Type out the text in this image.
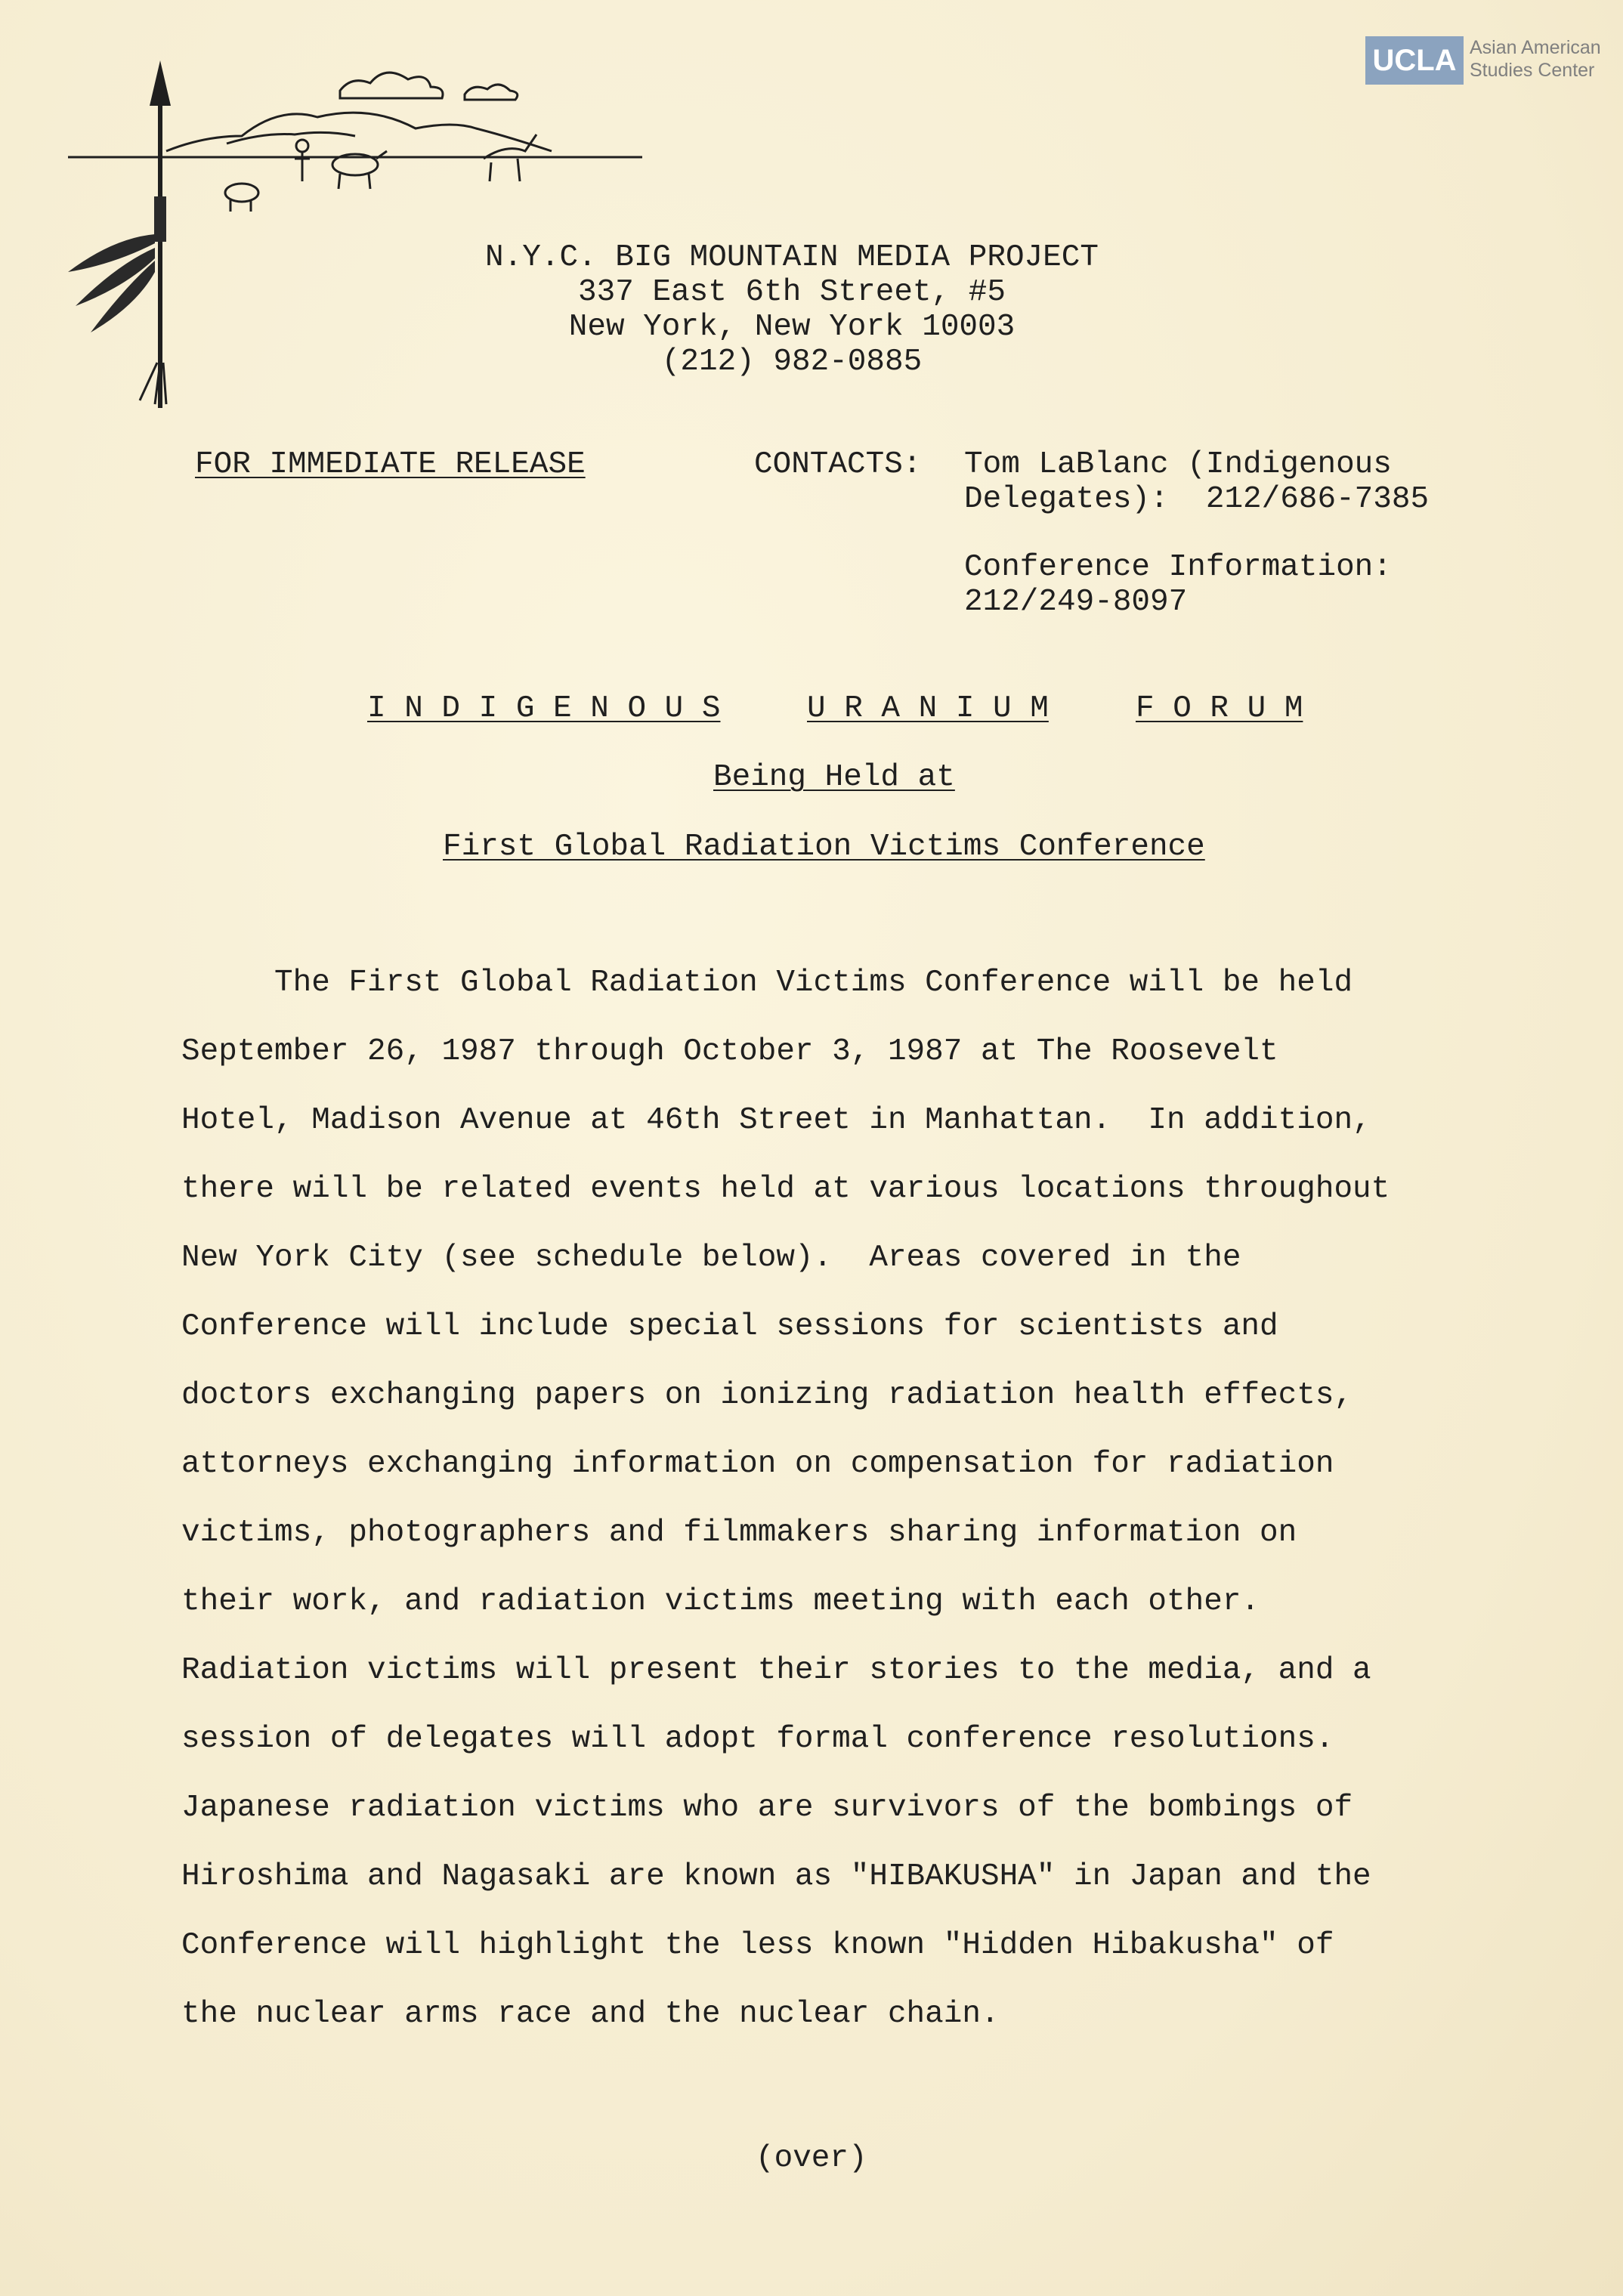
UCLA Asian American
Studies Center
N.Y.C. BIG MOUNTAIN MEDIA PROJECT
337 East 6th Street, #5
New York, New York 10003
(212) 982-0885
FOR IMMEDIATE RELEASE	CONTACTS: Tom LaBlanc (Indigenous
Delegates):  212/686-7385
Conference Information:
212/249-8097
I N D I G E N O U S	U R A N I U M	F O R U M
Being Held at
First Global Radiation Victims Conference
The First Global Radiation Victims Conference will be held
September 26, 1987 through October 3, 1987 at The Roosevelt
Hotel, Madison Avenue at 46th Street in Manhattan.  In addition,
there will be related events held at various locations throughout
New York City (see schedule below).  Areas covered in the
Conference will include special sessions for scientists and
doctors exchanging papers on ionizing radiation health effects,
attorneys exchanging information on compensation for radiation
victims, photographers and filmmakers sharing information on
their work, and radiation victims meeting with each other.
Radiation victims will present their stories to the media, and a
session of delegates will adopt formal conference resolutions.
Japanese radiation victims who are survivors of the bombings of
Hiroshima and Nagasaki are known as "HIBAKUSHA" in Japan and the
Conference will highlight the less known "Hidden Hibakusha" of
the nuclear arms race and the nuclear chain.
(over)
